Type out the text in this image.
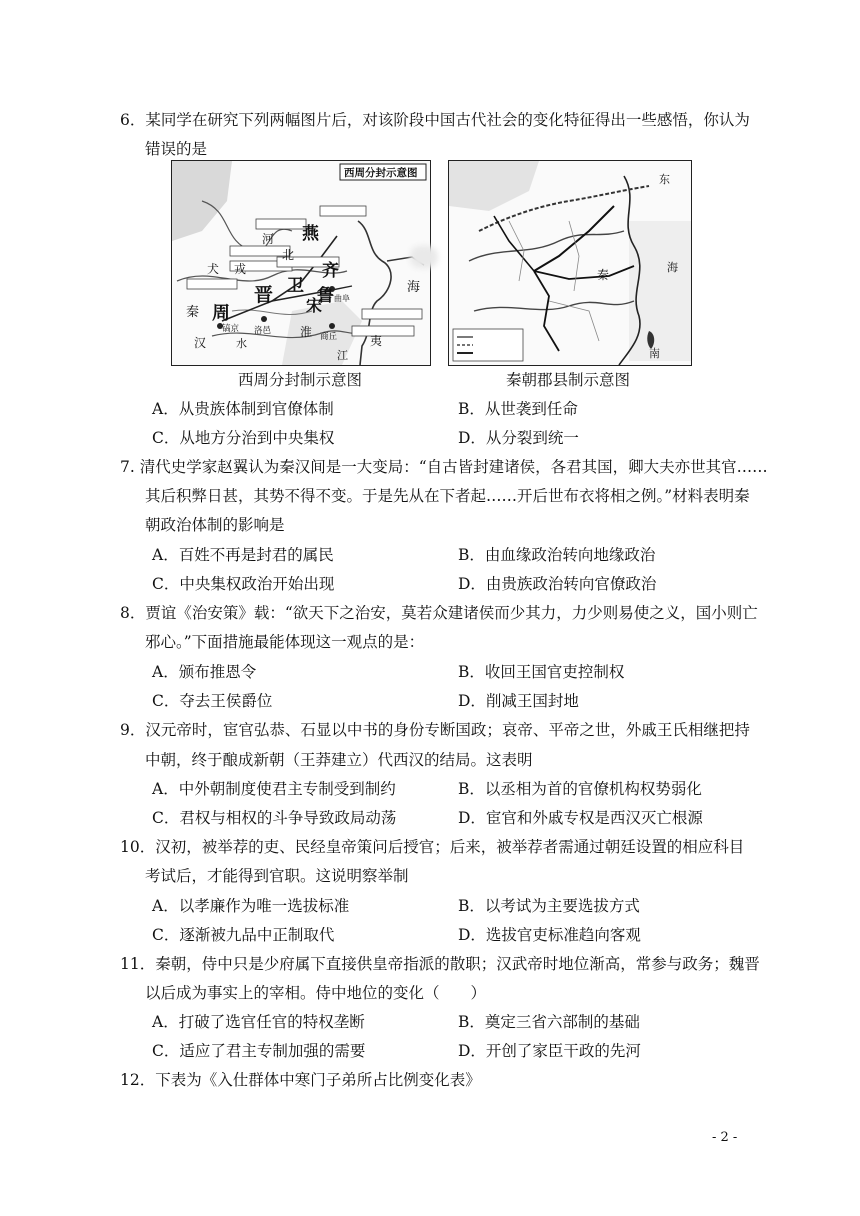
6．某同学在研究下列两幅图片后，对该阶段中国古代社会的变化特征得出一些感悟，你认为
错误的是
西周分封示意图
河
北
戎
犬
燕
晋 卫 鲁
齐
宋
周
秦
淮
汉
海
水	夷
江
镐京 洛邑
商丘
曲阜
东
秦
南
海
西周分封制示意图	秦朝郡县制示意图
A．从贵族体制到官僚体制	B．从世袭到任命
C．从地方分治到中央集权	D．从分裂到统一
7. 清代史学家赵翼认为秦汉间是一大变局：“自古皆封建诸侯，各君其国，卿大夫亦世其官……
其后积弊日甚，其势不得不变。于是先从在下者起……开后世布衣将相之例。”材料表明秦
朝政治体制的影响是
A．百姓不再是封君的属民	B．由血缘政治转向地缘政治
C．中央集权政治开始出现	D．由贵族政治转向官僚政治
8．贾谊《治安策》载：“欲天下之治安，莫若众建诸侯而少其力，力少则易使之义，国小则亡
邪心。”下面措施最能体现这一观点的是：
A．颁布推恩令	B．收回王国官吏控制权
C．夺去王侯爵位	D．削减王国封地
9．汉元帝时，宦官弘恭、石显以中书的身份专断国政；哀帝、平帝之世，外戚王氏相继把持
中朝，终于酿成新朝（王莽建立）代西汉的结局。这表明
A．中外朝制度使君主专制受到制约	B．以丞相为首的官僚机构权势弱化
C．君权与相权的斗争导致政局动荡	D．宦官和外戚专权是西汉灭亡根源
10．汉初，被举荐的吏、民经皇帝策问后授官；后来，被举荐者需通过朝廷设置的相应科目
考试后，才能得到官职。这说明察举制
A．以孝廉作为唯一选拔标准	B．以考试为主要选拔方式
C．逐渐被九品中正制取代	D．选拔官吏标准趋向客观
11．秦朝，侍中只是少府属下直接供皇帝指派的散职；汉武帝时地位渐高，常参与政务；魏晋
以后成为事实上的宰相。侍中地位的变化（　　）
A．打破了选官任官的特权垄断	B．奠定三省六部制的基础
C．适应了君主专制加强的需要	D．开创了家臣干政的先河
12．下表为《入仕群体中寒门子弟所占比例变化表》
- 2 -
